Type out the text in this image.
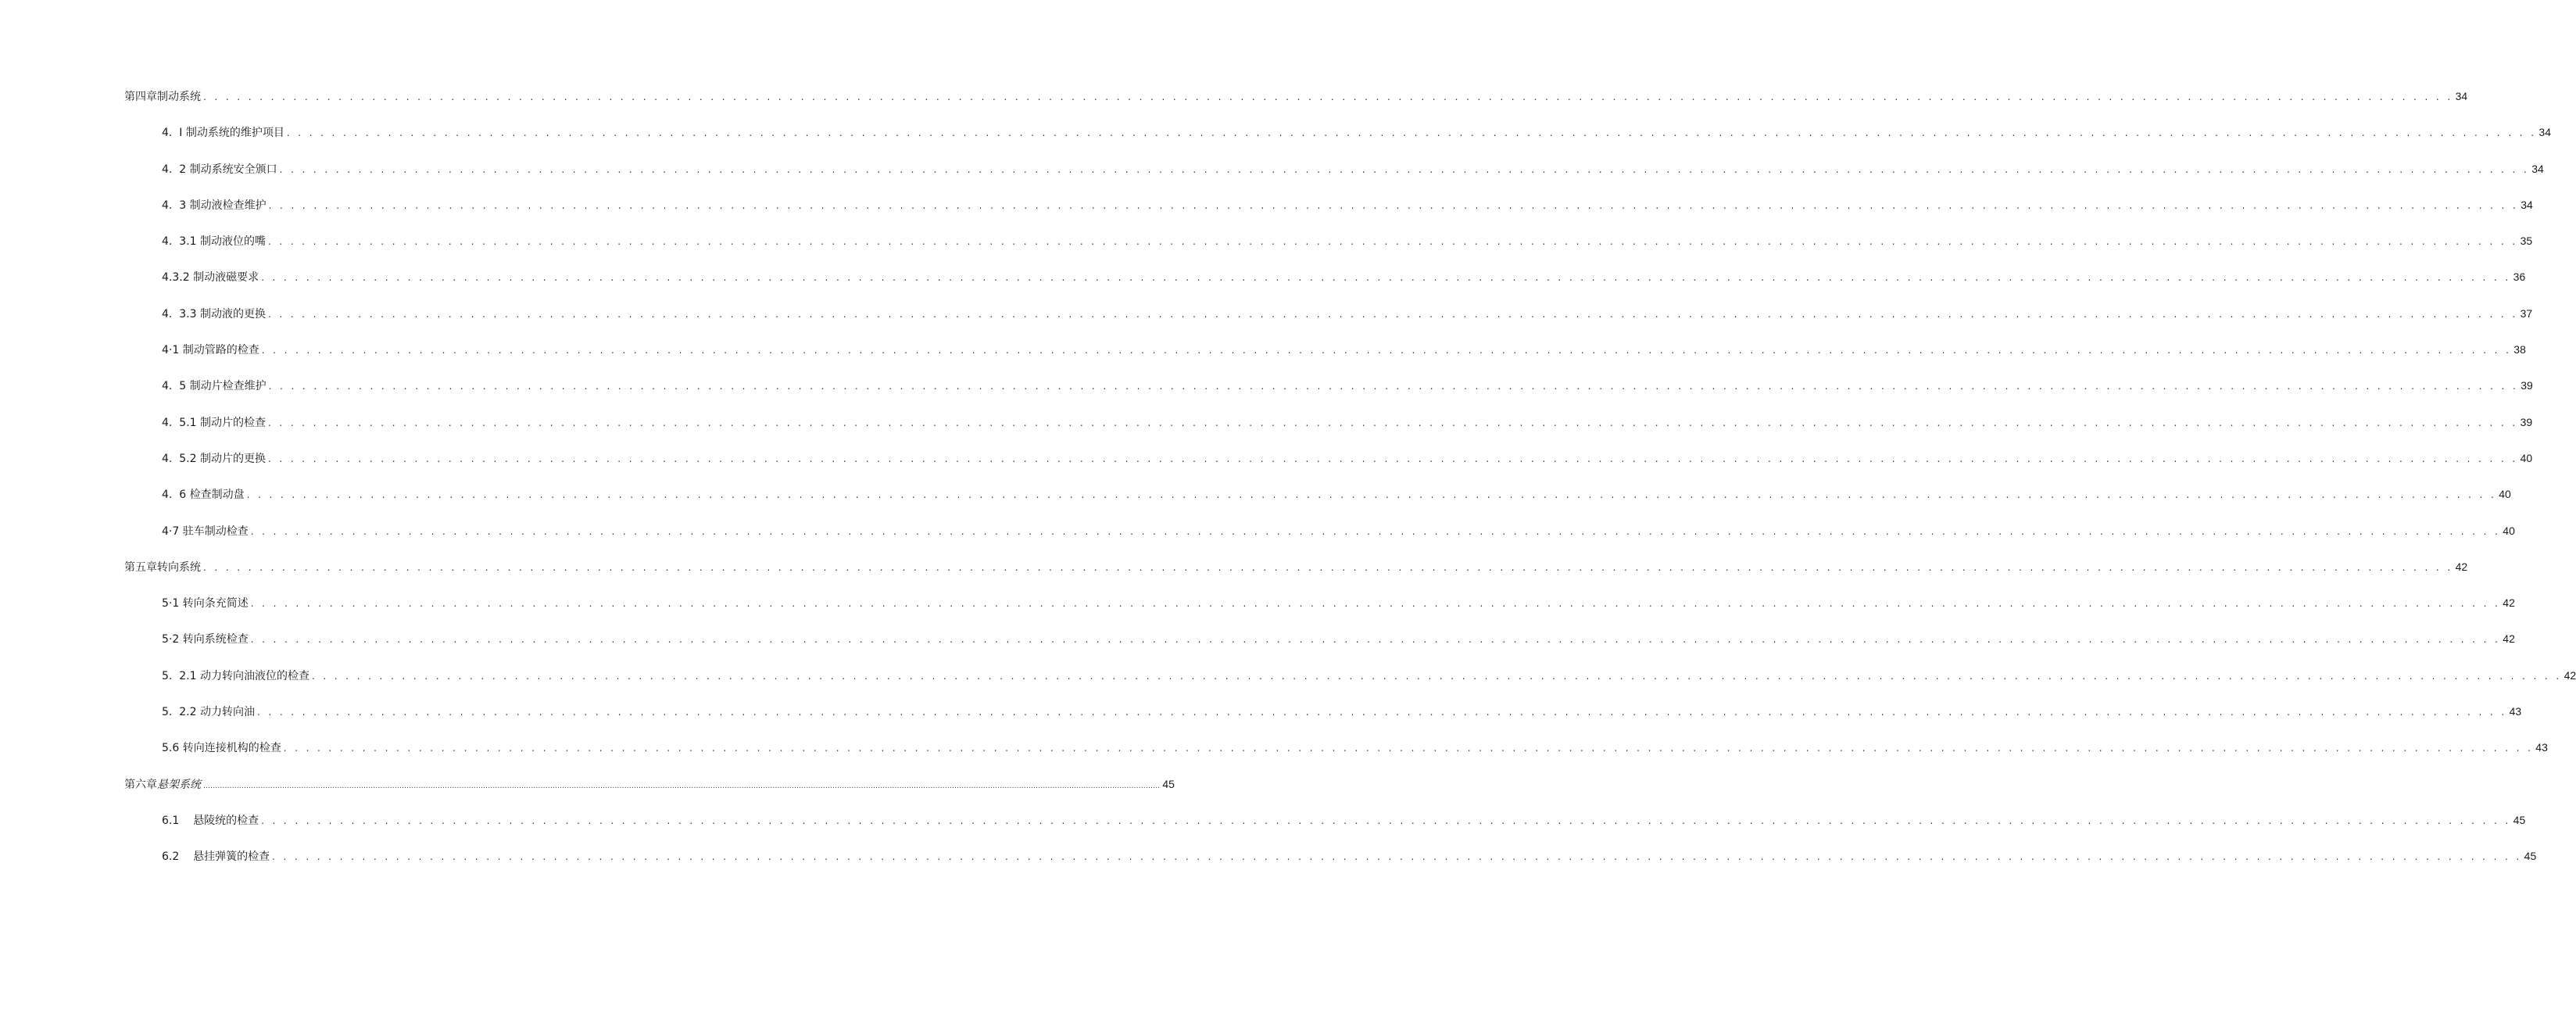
第四章制动系统 . . . . . . . . . . . . . . . . . . . . . . . . . . . . . . . . . . . . . . . . . . . . . . . . . . . . . . . . . . . . . . . . . . . . . . . . . . . . . . . . . . . . . . . . . . . . . . . . . . . . . . . . . . . . . . . . . . . . . . . . . . . . . . . . . . . . . . . . . . . . . . . . . . . . . . . . . . . . . . . . . . . . . . . . . . . . . . . . . . . . . . . . . . . . . . . . . . . . . . . . 34
4.  I 制动系统的维护项目 . . . . . . . . . . . . . . . . . . . . . . . . . . . . . . . . . . . . . . . . . . . . . . . . . . . . . . . . . . . . . . . . . . . . . . . . . . . . . . . . . . . . . . . . . . . . . . . . . . . . . . . . . . . . . . . . . . . . . . . . . . . . . . . . . . . . . . . . . . . . . . . . . . . . . . . . . . . . . . . . . . . . . . . . . . . . . . . . . . . . . . . . . . . . . . . . . . . . . . . . 34
4.  2 制动系统安全颁口 . . . . . . . . . . . . . . . . . . . . . . . . . . . . . . . . . . . . . . . . . . . . . . . . . . . . . . . . . . . . . . . . . . . . . . . . . . . . . . . . . . . . . . . . . . . . . . . . . . . . . . . . . . . . . . . . . . . . . . . . . . . . . . . . . . . . . . . . . . . . . . . . . . . . . . . . . . . . . . . . . . . . . . . . . . . . . . . . . . . . . . . . . . . . . . . . . . . . . . . . 34
4.  3 制动液检查维护 . . . . . . . . . . . . . . . . . . . . . . . . . . . . . . . . . . . . . . . . . . . . . . . . . . . . . . . . . . . . . . . . . . . . . . . . . . . . . . . . . . . . . . . . . . . . . . . . . . . . . . . . . . . . . . . . . . . . . . . . . . . . . . . . . . . . . . . . . . . . . . . . . . . . . . . . . . . . . . . . . . . . . . . . . . . . . . . . . . . . . . . . . . . . . . . . . . . . . . . . 34
4.  3.1 制动液位的嘴 . . . . . . . . . . . . . . . . . . . . . . . . . . . . . . . . . . . . . . . . . . . . . . . . . . . . . . . . . . . . . . . . . . . . . . . . . . . . . . . . . . . . . . . . . . . . . . . . . . . . . . . . . . . . . . . . . . . . . . . . . . . . . . . . . . . . . . . . . . . . . . . . . . . . . . . . . . . . . . . . . . . . . . . . . . . . . . . . . . . . . . . . . . . . . . . . . . . . . . . . 35
4.3.2 制动液磁要求 . . . . . . . . . . . . . . . . . . . . . . . . . . . . . . . . . . . . . . . . . . . . . . . . . . . . . . . . . . . . . . . . . . . . . . . . . . . . . . . . . . . . . . . . . . . . . . . . . . . . . . . . . . . . . . . . . . . . . . . . . . . . . . . . . . . . . . . . . . . . . . . . . . . . . . . . . . . . . . . . . . . . . . . . . . . . . . . . . . . . . . . . . . . . . . . . . . . . . . . . 36
4.  3.3 制动液的更换 . . . . . . . . . . . . . . . . . . . . . . . . . . . . . . . . . . . . . . . . . . . . . . . . . . . . . . . . . . . . . . . . . . . . . . . . . . . . . . . . . . . . . . . . . . . . . . . . . . . . . . . . . . . . . . . . . . . . . . . . . . . . . . . . . . . . . . . . . . . . . . . . . . . . . . . . . . . . . . . . . . . . . . . . . . . . . . . . . . . . . . . . . . . . . . . . . . . . . . . . 37
4·1 制动管路的检查 . . . . . . . . . . . . . . . . . . . . . . . . . . . . . . . . . . . . . . . . . . . . . . . . . . . . . . . . . . . . . . . . . . . . . . . . . . . . . . . . . . . . . . . . . . . . . . . . . . . . . . . . . . . . . . . . . . . . . . . . . . . . . . . . . . . . . . . . . . . . . . . . . . . . . . . . . . . . . . . . . . . . . . . . . . . . . . . . . . . . . . . . . . . . . . . . . . . . . . . . 38
4.  5 制动片检查维护 . . . . . . . . . . . . . . . . . . . . . . . . . . . . . . . . . . . . . . . . . . . . . . . . . . . . . . . . . . . . . . . . . . . . . . . . . . . . . . . . . . . . . . . . . . . . . . . . . . . . . . . . . . . . . . . . . . . . . . . . . . . . . . . . . . . . . . . . . . . . . . . . . . . . . . . . . . . . . . . . . . . . . . . . . . . . . . . . . . . . . . . . . . . . . . . . . . . . . . . . 39
4.  5.1 制动片的检查 . . . . . . . . . . . . . . . . . . . . . . . . . . . . . . . . . . . . . . . . . . . . . . . . . . . . . . . . . . . . . . . . . . . . . . . . . . . . . . . . . . . . . . . . . . . . . . . . . . . . . . . . . . . . . . . . . . . . . . . . . . . . . . . . . . . . . . . . . . . . . . . . . . . . . . . . . . . . . . . . . . . . . . . . . . . . . . . . . . . . . . . . . . . . . . . . . . . . . . . . 39
4.  5.2 制动片的更换 . . . . . . . . . . . . . . . . . . . . . . . . . . . . . . . . . . . . . . . . . . . . . . . . . . . . . . . . . . . . . . . . . . . . . . . . . . . . . . . . . . . . . . . . . . . . . . . . . . . . . . . . . . . . . . . . . . . . . . . . . . . . . . . . . . . . . . . . . . . . . . . . . . . . . . . . . . . . . . . . . . . . . . . . . . . . . . . . . . . . . . . . . . . . . . . . . . . . . . . . 40
4.  6 检查制动盘 . . . . . . . . . . . . . . . . . . . . . . . . . . . . . . . . . . . . . . . . . . . . . . . . . . . . . . . . . . . . . . . . . . . . . . . . . . . . . . . . . . . . . . . . . . . . . . . . . . . . . . . . . . . . . . . . . . . . . . . . . . . . . . . . . . . . . . . . . . . . . . . . . . . . . . . . . . . . . . . . . . . . . . . . . . . . . . . . . . . . . . . . . . . . . . . . . . . . . . . . 40
4·7 驻车制动检查 . . . . . . . . . . . . . . . . . . . . . . . . . . . . . . . . . . . . . . . . . . . . . . . . . . . . . . . . . . . . . . . . . . . . . . . . . . . . . . . . . . . . . . . . . . . . . . . . . . . . . . . . . . . . . . . . . . . . . . . . . . . . . . . . . . . . . . . . . . . . . . . . . . . . . . . . . . . . . . . . . . . . . . . . . . . . . . . . . . . . . . . . . . . . . . . . . . . . . . . . 40
第五章转向系统 . . . . . . . . . . . . . . . . . . . . . . . . . . . . . . . . . . . . . . . . . . . . . . . . . . . . . . . . . . . . . . . . . . . . . . . . . . . . . . . . . . . . . . . . . . . . . . . . . . . . . . . . . . . . . . . . . . . . . . . . . . . . . . . . . . . . . . . . . . . . . . . . . . . . . . . . . . . . . . . . . . . . . . . . . . . . . . . . . . . . . . . . . . . . . . . . . . . . . . . . 42
5·1 转向条充简述 . . . . . . . . . . . . . . . . . . . . . . . . . . . . . . . . . . . . . . . . . . . . . . . . . . . . . . . . . . . . . . . . . . . . . . . . . . . . . . . . . . . . . . . . . . . . . . . . . . . . . . . . . . . . . . . . . . . . . . . . . . . . . . . . . . . . . . . . . . . . . . . . . . . . . . . . . . . . . . . . . . . . . . . . . . . . . . . . . . . . . . . . . . . . . . . . . . . . . . . . 42
5·2 转向系统检查 . . . . . . . . . . . . . . . . . . . . . . . . . . . . . . . . . . . . . . . . . . . . . . . . . . . . . . . . . . . . . . . . . . . . . . . . . . . . . . . . . . . . . . . . . . . . . . . . . . . . . . . . . . . . . . . . . . . . . . . . . . . . . . . . . . . . . . . . . . . . . . . . . . . . . . . . . . . . . . . . . . . . . . . . . . . . . . . . . . . . . . . . . . . . . . . . . . . . . . . . 42
5.  2.1 动力转向油液位的检查 . . . . . . . . . . . . . . . . . . . . . . . . . . . . . . . . . . . . . . . . . . . . . . . . . . . . . . . . . . . . . . . . . . . . . . . . . . . . . . . . . . . . . . . . . . . . . . . . . . . . . . . . . . . . . . . . . . . . . . . . . . . . . . . . . . . . . . . . . . . . . . . . . . . . . . . . . . . . . . . . . . . . . . . . . . . . . . . . . . . . . . . . . . . . . . . . . . . . . . . . 42
5.  2.2 动力转向油 . . . . . . . . . . . . . . . . . . . . . . . . . . . . . . . . . . . . . . . . . . . . . . . . . . . . . . . . . . . . . . . . . . . . . . . . . . . . . . . . . . . . . . . . . . . . . . . . . . . . . . . . . . . . . . . . . . . . . . . . . . . . . . . . . . . . . . . . . . . . . . . . . . . . . . . . . . . . . . . . . . . . . . . . . . . . . . . . . . . . . . . . . . . . . . . . . . . . . . . . 43
5.6 转向连接机构的检查 . . . . . . . . . . . . . . . . . . . . . . . . . . . . . . . . . . . . . . . . . . . . . . . . . . . . . . . . . . . . . . . . . . . . . . . . . . . . . . . . . . . . . . . . . . . . . . . . . . . . . . . . . . . . . . . . . . . . . . . . . . . . . . . . . . . . . . . . . . . . . . . . . . . . . . . . . . . . . . . . . . . . . . . . . . . . . . . . . . . . . . . . . . . . . . . . . . . . . . . . 43
第六章悬架系统 ................................................................................................................................................................................................................................................................................................................................................................................................................ 45
6.1    悬陵统的检查 . . . . . . . . . . . . . . . . . . . . . . . . . . . . . . . . . . . . . . . . . . . . . . . . . . . . . . . . . . . . . . . . . . . . . . . . . . . . . . . . . . . . . . . . . . . . . . . . . . . . . . . . . . . . . . . . . . . . . . . . . . . . . . . . . . . . . . . . . . . . . . . . . . . . . . . . . . . . . . . . . . . . . . . . . . . . . . . . . . . . . . . . . . . . . . . . . . . . . . . . 45
6.2    悬挂弹簧的检查 . . . . . . . . . . . . . . . . . . . . . . . . . . . . . . . . . . . . . . . . . . . . . . . . . . . . . . . . . . . . . . . . . . . . . . . . . . . . . . . . . . . . . . . . . . . . . . . . . . . . . . . . . . . . . . . . . . . . . . . . . . . . . . . . . . . . . . . . . . . . . . . . . . . . . . . . . . . . . . . . . . . . . . . . . . . . . . . . . . . . . . . . . . . . . . . . . . . . . . . . 45
